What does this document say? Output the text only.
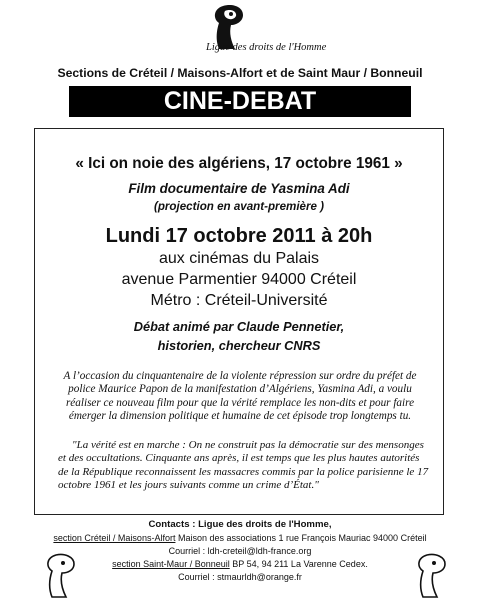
Ligue des droits de l'Homme
Sections de Créteil / Maisons-Alfort et de Saint Maur / Bonneuil
CINE-DEBAT
« Ici on noie des algériens, 17 octobre 1961 »
Film documentaire de Yasmina Adi
(projection en avant-première )
Lundi 17 octobre 2011 à 20h
aux cinémas du Palais
avenue Parmentier 94000 Créteil
Métro : Créteil-Université
Débat animé par Claude Pennetier,
historien, chercheur CNRS
A l’occasion du cinquantenaire de la violente répression sur ordre du préfet de police Maurice Papon de la manifestation d’Algériens, Yasmina Adi, a voulu réaliser ce nouveau film pour que la vérité remplace les non-dits et pour faire émerger la dimension politique et humaine de cet épisode trop longtemps tu.
"La vérité est en marche : On ne construit pas la démocratie sur des mensonges et des occultations. Cinquante ans après, il est temps que les plus hautes autorités de la République reconnaissent les massacres commis par la police parisienne le 17 octobre 1961 et les jours suivants comme un crime d’État."
Contacts : Ligue des droits de l'Homme,
section Créteil / Maisons-Alfort Maison des associations 1 rue François Mauriac 94000 Créteil
Courriel : ldh-creteil@ldh-france.org
section Saint-Maur / Bonneuil BP 54, 94 211 La Varenne Cedex.
Courriel : stmaurldh@orange.fr
